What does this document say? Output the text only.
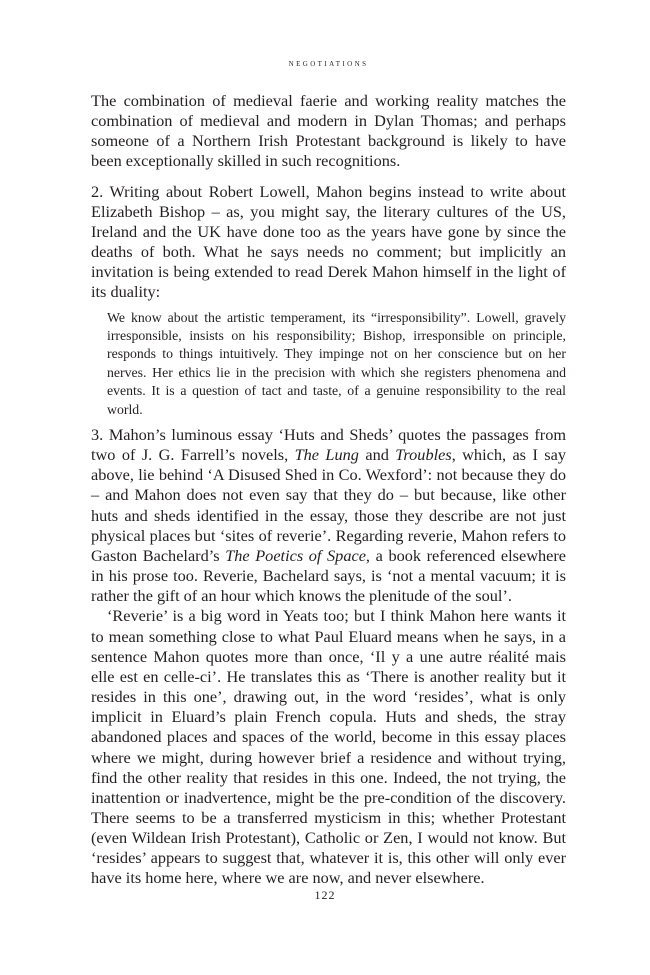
negotiations

The combination of medieval faerie and working reality matches the combination of medieval and modern in Dylan Thomas; and perhaps someone of a Northern Irish Protestant background is likely to have been exceptionally skilled in such recognitions.

2. Writing about Robert Lowell, Mahon begins instead to write about Elizabeth Bishop – as, you might say, the literary cultures of the US, Ireland and the UK have done too as the years have gone by since the deaths of both. What he says needs no comment; but implicitly an invitation is being extended to read Derek Mahon himself in the light of its duality:

We know about the artistic temperament, its “irresponsibility”. Lowell, gravely irresponsible, insists on his responsibility; Bishop, irresponsible on principle, responds to things intuitively. They impinge not on her conscience but on her nerves. Her ethics lie in the precision with which she registers phenomena and events. It is a question of tact and taste, of a genuine responsibility to the real world.

3. Mahon’s luminous essay ‘Huts and Sheds’ quotes the passages from two of J. G. Farrell’s novels, The Lung and Troubles, which, as I say above, lie behind ‘A Disused Shed in Co. Wexford’: not because they do – and Mahon does not even say that they do – but because, like other huts and sheds identified in the essay, those they describe are not just physical places but ‘sites of reverie’. Regarding reverie, Mahon refers to Gaston Bachelard’s The Poetics of Space, a book referenced elsewhere in his prose too. Reverie, Bachelard says, is ‘not a mental vacuum; it is rather the gift of an hour which knows the plenitude of the soul’.

‘Reverie’ is a big word in Yeats too; but I think Mahon here wants it to mean something close to what Paul Eluard means when he says, in a sentence Mahon quotes more than once, ‘Il y a une autre réalité mais elle est en celle-ci’. He translates this as ‘There is another reality but it resides in this one’, drawing out, in the word ‘resides’, what is only implicit in Eluard’s plain French copula. Huts and sheds, the stray abandoned places and spaces of the world, become in this essay places where we might, during however brief a residence and without trying, find the other reality that resides in this one. Indeed, the not trying, the inattention or inadvertence, might be the pre-condition of the discovery. There seems to be a transferred mysticism in this; whether Protestant (even Wildean Irish Protestant), Catholic or Zen, I would not know. But ‘resides’ appears to suggest that, whatever it is, this other will only ever have its home here, where we are now, and never elsewhere.

122
